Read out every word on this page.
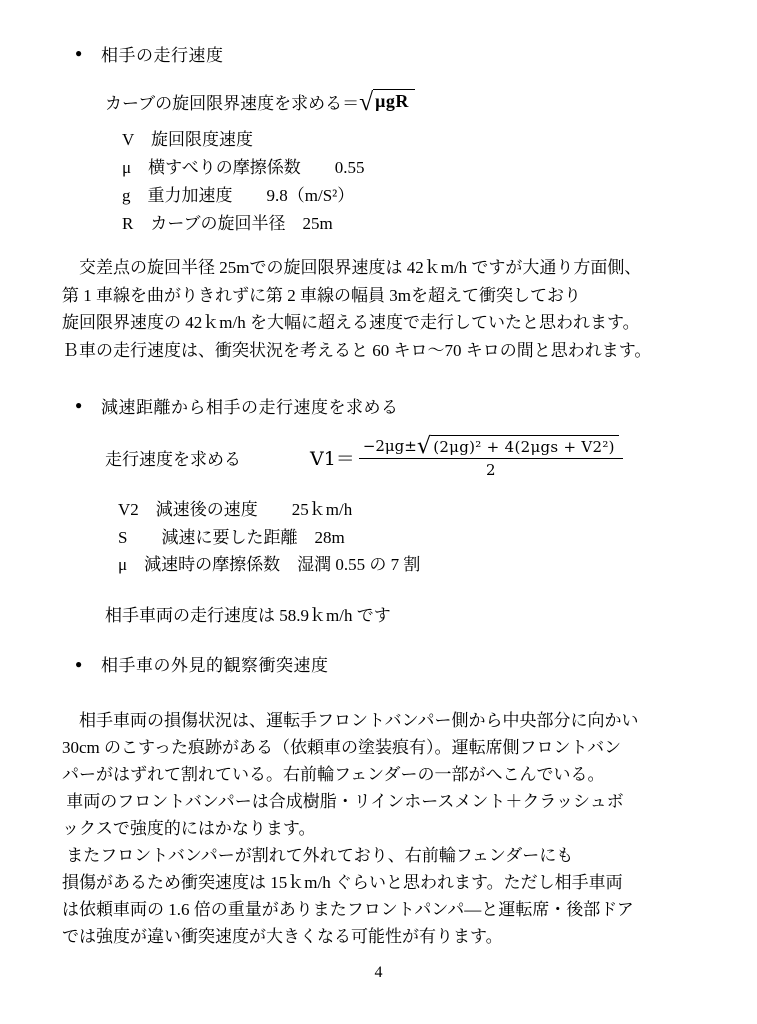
●
相手の走行速度
カーブの旋回限界速度を求める＝ √ μgR
V　旋回限度速度
μ　横すべりの摩擦係数　　0.55
g　重力加速度　　9.8（m/S²）
R　カーブの旋回半径　25m
　交差点の旋回半径 25mでの旋回限界速度は 42ｋm/h ですが大通り方面側、
第 1 車線を曲がりきれずに第 2 車線の幅員 3mを超えて衝突しており
旋回限界速度の 42ｋm/h を大幅に超える速度で走行していたと思われます。
Ｂ車の走行速度は、衝突状況を考えると 60 キロ～70 キロの間と思われます。
●
減速距離から相手の走行速度を求める
走行速度を求める	$V1= \frac{\text{−2μg± √ (2μg)² + 4(2μgs + V2²)}}{2}$
V2　減速後の速度　　25ｋm/h
S　　減速に要した距離　28m
μ　減速時の摩擦係数　湿潤 0.55 の 7 割
相手車両の走行速度は 58.9ｋm/h です
●
相手車の外見的観察衝突速度
　相手車両の損傷状況は、運転手フロントバンパー側から中央部分に向かい
30cm のこすった痕跡がある（依頼車の塗装痕有）。運転席側フロントバン
パーがはずれて割れている。右前輪フェンダーの一部がへこんでいる。
車両のフロントバンパーは合成樹脂・リインホースメント＋クラッシュボ
ックスで強度的にはかなります。
またフロントバンパーが割れて外れており、右前輪フェンダーにも
損傷があるため衝突速度は 15ｋm/h ぐらいと思われます。ただし相手車両
は依頼車両の 1.6 倍の重量がありまたフロントパンパ―と運転席・後部ドア
では強度が違い衝突速度が大きくなる可能性が有ります。
4
